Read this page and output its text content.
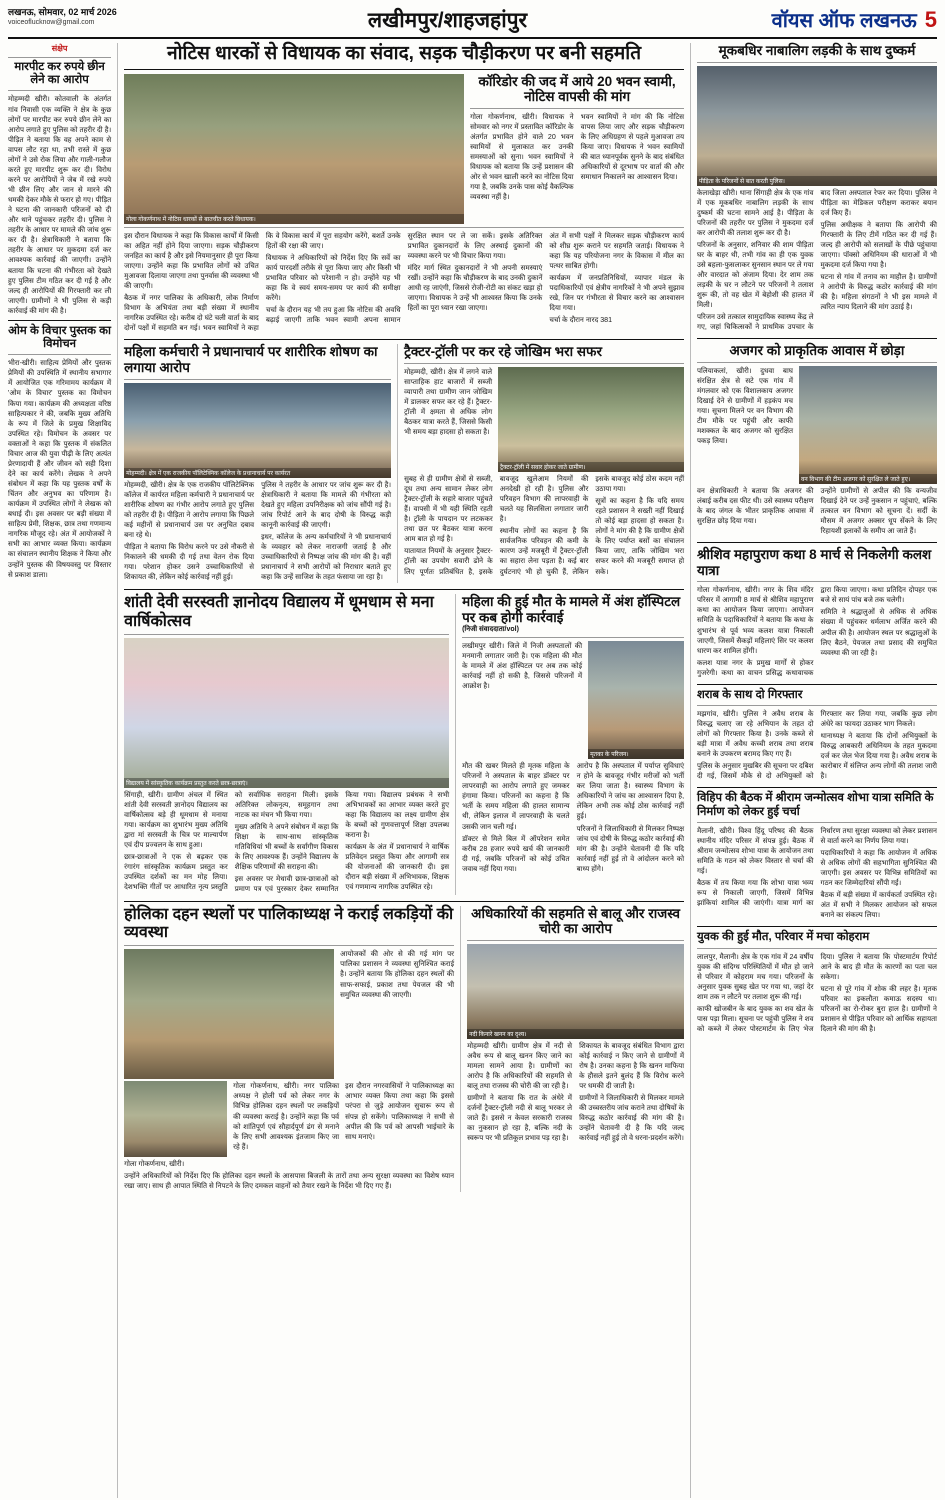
लखनऊ, सोमवार, 02 मार्च 2026
voiceoflucknow@gmail.com	लखीमपुर/शाहजहांपुर	वॉयस ऑफ लखनऊ 5
संक्षेप
मारपीट कर रुपये छीन लेने का आरोप
मोहम्मदी खीरी। कोतवाली के अंतर्गत गांव निवासी एक व्यक्ति ने क्षेत्र के कुछ लोगों पर मारपीट कर रुपये छीन लेने का आरोप लगाते हुए पुलिस को तहरीर दी है। पीड़ित ने बताया कि वह अपने काम से वापस लौट रहा था, तभी रास्ते में कुछ लोगों ने उसे रोक लिया और गाली-गलौज करते हुए मारपीट शुरू कर दी। विरोध करने पर आरोपियों ने जेब में रखे रुपये भी छीन लिए और जान से मारने की धमकी देकर मौके से फरार हो गए। पीड़ित ने घटना की जानकारी परिजनों को दी और थाने पहुंचकर तहरीर दी। पुलिस ने तहरीर के आधार पर मामले की जांच शुरू कर दी है। क्षेत्राधिकारी ने बताया कि तहरीर के आधार पर मुकदमा दर्ज कर आवश्यक कार्रवाई की जाएगी। उन्होंने बताया कि घटना की गंभीरता को देखते हुए पुलिस टीम गठित कर दी गई है और जल्द ही आरोपियों की गिरफ्तारी कर ली जाएगी। ग्रामीणों ने भी पुलिस से कड़ी कार्रवाई की मांग की है।
ओम के विचार पुस्तक का विमोचन
भीरा-खीरी। साहित्य प्रेमियों और पुस्तक प्रेमियों की उपस्थिति में स्थानीय सभागार में आयोजित एक गरिमामय कार्यक्रम में 'ओम के विचार' पुस्तक का विमोचन किया गया। कार्यक्रम की अध्यक्षता वरिष्ठ साहित्यकार ने की, जबकि मुख्य अतिथि के रूप में जिले के प्रमुख शिक्षाविद उपस्थित रहे। विमोचन के अवसर पर वक्ताओं ने कहा कि पुस्तक में संकलित विचार आज की युवा पीढ़ी के लिए अत्यंत प्रेरणादायी हैं और जीवन को सही दिशा देने का कार्य करेंगे। लेखक ने अपने संबोधन में कहा कि यह पुस्तक वर्षों के चिंतन और अनुभव का परिणाम है। कार्यक्रम में उपस्थित लोगों ने लेखक को बधाई दी। इस अवसर पर बड़ी संख्या में साहित्य प्रेमी, शिक्षक, छात्र तथा गणमान्य नागरिक मौजूद रहे। अंत में आयोजकों ने सभी का आभार व्यक्त किया। कार्यक्रम का संचालन स्थानीय शिक्षक ने किया और उन्होंने पुस्तक की विषयवस्तु पर विस्तार से प्रकाश डाला।
नोटिस धारकों से विधायक का संवाद, सड़क चौड़ीकरण पर बनी सहमति
गोला गोकर्णनाथ में नोटिस धारकों से बातचीत करते विधायक।
कॉरिडोर की जद में आये 20 भवन स्वामी, नोटिस वापसी की मांग
गोला गोकर्णनाथ, खीरी। विधायक ने सोमवार को नगर में प्रस्तावित कॉरिडोर के अंतर्गत प्रभावित होने वाले 20 भवन स्वामियों से मुलाकात कर उनकी समस्याओं को सुना। भवन स्वामियों ने विधायक को बताया कि उन्हें प्रशासन की ओर से भवन खाली करने का नोटिस दिया गया है, जबकि उनके पास कोई वैकल्पिक व्यवस्था नहीं है।
भवन स्वामियों ने मांग की कि नोटिस वापस लिया जाए और सड़क चौड़ीकरण के लिए अधिग्रहण से पहले मुआवजा तय किया जाए। विधायक ने भवन स्वामियों की बात ध्यानपूर्वक सुनने के बाद संबंधित अधिकारियों से दूरभाष पर वार्ता की और समाधान निकालने का आश्वासन दिया।
इस दौरान विधायक ने कहा कि विकास कार्यों में किसी का अहित नहीं होने दिया जाएगा। सड़क चौड़ीकरण जनहित का कार्य है और इसे नियमानुसार ही पूरा किया जाएगा। उन्होंने कहा कि प्रभावित लोगों को उचित मुआवजा दिलाया जाएगा तथा पुनर्वास की व्यवस्था भी की जाएगी।
बैठक में नगर पालिका के अधिकारी, लोक निर्माण विभाग के अभियंता तथा बड़ी संख्या में स्थानीय नागरिक उपस्थित रहे। करीब दो घंटे चली वार्ता के बाद दोनों पक्षों में सहमति बन गई। भवन स्वामियों ने कहा कि वे विकास कार्य में पूरा सहयोग करेंगे, बशर्ते उनके हितों की रक्षा की जाए।
विधायक ने अधिकारियों को निर्देश दिए कि सर्वे का कार्य पारदर्शी तरीके से पूरा किया जाए और किसी भी प्रभावित परिवार को परेशानी न हो। उन्होंने यह भी कहा कि वे स्वयं समय-समय पर कार्य की समीक्षा करेंगे।
चर्चा के दौरान यह भी तय हुआ कि नोटिस की अवधि बढ़ाई जाएगी ताकि भवन स्वामी अपना सामान सुरक्षित स्थान पर ले जा सकें। इसके अतिरिक्त प्रभावित दुकानदारों के लिए अस्थाई दुकानों की व्यवस्था करने पर भी विचार किया गया।
मंदिर मार्ग स्थित दुकानदारों ने भी अपनी समस्याएं रखीं। उन्होंने कहा कि चौड़ीकरण के बाद उनकी दुकानें आधी रह जाएंगी, जिससे रोजी-रोटी का संकट खड़ा हो जाएगा। विधायक ने उन्हें भी आश्वस्त किया कि उनके हितों का पूरा ध्यान रखा जाएगा।
अंत में सभी पक्षों ने मिलकर सड़क चौड़ीकरण कार्य को शीघ्र शुरू कराने पर सहमति जताई। विधायक ने कहा कि यह परियोजना नगर के विकास में मील का पत्थर साबित होगी।
कार्यक्रम में जनप्रतिनिधियों, व्यापार मंडल के पदाधिकारियों एवं क्षेत्रीय नागरिकों ने भी अपने सुझाव रखे, जिन पर गंभीरता से विचार करने का आश्वासन दिया गया।
चर्चा के दौरान नारद 381
महिला कर्मचारी ने प्रधानाचार्य पर शारीरिक शोषण का लगाया आरोप
मोहम्मदी। क्षेत्र में एक राजकीय पॉलिटेक्निक कॉलेज के प्रधानाचार्य पर कार्यरत
मोहम्मदी, खीरी। क्षेत्र के एक राजकीय पॉलिटेक्निक कॉलेज में कार्यरत महिला कर्मचारी ने प्रधानाचार्य पर शारीरिक शोषण का गंभीर आरोप लगाते हुए पुलिस को तहरीर दी है। पीड़िता ने आरोप लगाया कि पिछले कई महीनों से प्रधानाचार्य उस पर अनुचित दबाव बना रहे थे।
पीड़िता ने बताया कि विरोध करने पर उसे नौकरी से निकालने की धमकी दी गई तथा वेतन रोक दिया गया। परेशान होकर उसने उच्चाधिकारियों से शिकायत की, लेकिन कोई कार्रवाई नहीं हुई।
पुलिस ने तहरीर के आधार पर जांच शुरू कर दी है। क्षेत्राधिकारी ने बताया कि मामले की गंभीरता को देखते हुए महिला उपनिरीक्षक को जांच सौंपी गई है। जांच रिपोर्ट आने के बाद दोषी के विरुद्ध कड़ी कानूनी कार्रवाई की जाएगी।
इधर, कॉलेज के अन्य कर्मचारियों ने भी प्रधानाचार्य के व्यवहार को लेकर नाराजगी जताई है और उच्चाधिकारियों से निष्पक्ष जांच की मांग की है। वहीं प्रधानाचार्य ने सभी आरोपों को निराधार बताते हुए कहा कि उन्हें साजिश के तहत फंसाया जा रहा है।
ट्रैक्टर-ट्रॉली पर कर रहे जोखिम भरा सफर
मोहम्मदी, खीरी। क्षेत्र में लगने वाले साप्ताहिक हाट बाजारों में सब्जी व्यापारी तथा ग्रामीण जान जोखिम में डालकर सफर कर रहे हैं। ट्रैक्टर-ट्रॉली में क्षमता से अधिक लोग बैठकर यात्रा करते हैं, जिससे किसी भी समय बड़ा हादसा हो सकता है।
ट्रैक्टर-ट्रॉली में सवार होकर जाते ग्रामीण।
सुबह से ही ग्रामीण क्षेत्रों से सब्जी, दूध तथा अन्य सामान लेकर लोग ट्रैक्टर-ट्रॉली के सहारे बाजार पहुंचते हैं। वापसी में भी यही स्थिति रहती है। ट्रॉली के पायदान पर लटककर तथा छत पर बैठकर यात्रा करना आम बात हो गई है।
यातायात नियमों के अनुसार ट्रैक्टर-ट्रॉली का उपयोग सवारी ढोने के लिए पूर्णतः प्रतिबंधित है, इसके बावजूद खुलेआम नियमों की अनदेखी हो रही है। पुलिस और परिवहन विभाग की लापरवाही के चलते यह सिलसिला लगातार जारी है।
स्थानीय लोगों का कहना है कि सार्वजनिक परिवहन की कमी के कारण उन्हें मजबूरी में ट्रैक्टर-ट्रॉली का सहारा लेना पड़ता है। कई बार दुर्घटनाएं भी हो चुकी हैं, लेकिन इसके बावजूद कोई ठोस कदम नहीं उठाया गया।
सूत्रों का कहना है कि यदि समय रहते प्रशासन ने सख्ती नहीं दिखाई तो कोई बड़ा हादसा हो सकता है। लोगों ने मांग की है कि ग्रामीण क्षेत्रों के लिए पर्याप्त बसों का संचालन किया जाए, ताकि जोखिम भरा सफर करने की मजबूरी समाप्त हो सके।
शांती देवी सरस्वती ज्ञानोदय विद्यालय में धूमधाम से मना वार्षिकोत्सव
विद्यालय में सांस्कृतिक कार्यक्रम प्रस्तुत करते छात्र-छात्राएं।
सिंगाही, खीरी। ग्रामीण अंचल में स्थित शांती देवी सरस्वती ज्ञानोदय विद्यालय का वार्षिकोत्सव बड़े ही धूमधाम से मनाया गया। कार्यक्रम का शुभारंभ मुख्य अतिथि द्वारा मां सरस्वती के चित्र पर माल्यार्पण एवं दीप प्रज्वलन के साथ हुआ।
छात्र-छात्राओं ने एक से बढ़कर एक रंगारंग सांस्कृतिक कार्यक्रम प्रस्तुत कर उपस्थित दर्शकों का मन मोह लिया। देशभक्ति गीतों पर आधारित नृत्य प्रस्तुति को सर्वाधिक सराहना मिली। इसके अतिरिक्त लोकनृत्य, समूहगान तथा नाटक का मंचन भी किया गया।
मुख्य अतिथि ने अपने संबोधन में कहा कि शिक्षा के साथ-साथ सांस्कृतिक गतिविधियां भी बच्चों के सर्वांगीण विकास के लिए आवश्यक हैं। उन्होंने विद्यालय के शैक्षिक परिणामों की सराहना की।
इस अवसर पर मेधावी छात्र-छात्राओं को प्रमाण पत्र एवं पुरस्कार देकर सम्मानित किया गया। विद्यालय प्रबंधक ने सभी अभिभावकों का आभार व्यक्त करते हुए कहा कि विद्यालय का लक्ष्य ग्रामीण क्षेत्र के बच्चों को गुणवत्तापूर्ण शिक्षा उपलब्ध कराना है।
कार्यक्रम के अंत में प्रधानाचार्य ने वार्षिक प्रतिवेदन प्रस्तुत किया और आगामी सत्र की योजनाओं की जानकारी दी। इस दौरान बड़ी संख्या में अभिभावक, शिक्षक एवं गणमान्य नागरिक उपस्थित रहे।
महिला की हुई मौत के मामले में अंश हॉस्पिटल पर कब होगी कार्रवाई
(निजी संवाददाता/vol)
लखीमपुर खीरी। जिले में निजी अस्पतालों की मनमानी लगातार जारी है। एक महिला की मौत के मामले में अंश हॉस्पिटल पर अब तक कोई कार्रवाई नहीं हो सकी है, जिससे परिजनों में आक्रोश है।
मृतका के परिजन।
मौत की खबर मिलते ही मृतक महिला के परिजनों ने अस्पताल के बाहर डॉक्टर पर लापरवाही का आरोप लगाते हुए जमकर हंगामा किया। परिजनों का कहना है कि भर्ती के समय महिला की हालत सामान्य थी, लेकिन इलाज में लापरवाही के चलते उसकी जान चली गई।
डॉक्टर से मिले बिल में ऑपरेशन समेत करीब 28 हजार रुपये खर्च की जानकारी दी गई, जबकि परिजनों को कोई उचित जवाब नहीं दिया गया।
आरोप है कि अस्पताल में पर्याप्त सुविधाएं न होने के बावजूद गंभीर मरीजों को भर्ती कर लिया जाता है। स्वास्थ्य विभाग के अधिकारियों ने जांच का आश्वासन दिया है, लेकिन अभी तक कोई ठोस कार्रवाई नहीं हुई।
परिजनों ने जिलाधिकारी से मिलकर निष्पक्ष जांच एवं दोषी के विरुद्ध कठोर कार्रवाई की मांग की है। उन्होंने चेतावनी दी कि यदि कार्रवाई नहीं हुई तो वे आंदोलन करने को बाध्य होंगे।
होलिका दहन स्थलों पर पालिकाध्यक्ष ने कराई लकड़ियों की व्यवस्था
आयोजकों की ओर से की गई मांग पर पालिका प्रशासन ने व्यवस्था सुनिश्चित कराई है। उन्होंने बताया कि होलिका दहन स्थलों की साफ-सफाई, प्रकाश तथा पेयजल की भी समुचित व्यवस्था की जाएगी।
गोला गोकर्णनाथ, खीरी।
गोला गोकर्णनाथ, खीरी। नगर पालिका अध्यक्ष ने होली पर्व को लेकर नगर के विभिन्न होलिका दहन स्थलों पर लकड़ियों की व्यवस्था कराई है। उन्होंने कहा कि पर्व को शांतिपूर्ण एवं सौहार्दपूर्ण ढंग से मनाने के लिए सभी आवश्यक इंतजाम किए जा रहे हैं।
इस दौरान नगरवासियों ने पालिकाध्यक्ष का आभार व्यक्त किया तथा कहा कि इससे परंपरा से जुड़े आयोजन सुचारू रूप से संपन्न हो सकेंगे। पालिकाध्यक्ष ने सभी से अपील की कि पर्व को आपसी भाईचारे के साथ मनाएं।
उन्होंने अधिकारियों को निर्देश दिए कि होलिका दहन स्थलों के आसपास बिजली के तारों तथा अन्य सुरक्षा व्यवस्था का विशेष ध्यान रखा जाए। साथ ही आपात स्थिति से निपटने के लिए दमकल वाहनों को तैयार रखने के निर्देश भी दिए गए हैं।
अधिकारियों की सहमति से बालू और राजस्व चोरी का आरोप
नदी किनारे खनन का दृश्य।
मोहम्मदी खीरी। ग्रामीण क्षेत्र में नदी से अवैध रूप से बालू खनन किए जाने का मामला सामने आया है। ग्रामीणों का आरोप है कि अधिकारियों की सहमति से बालू तथा राजस्व की चोरी की जा रही है।
ग्रामीणों ने बताया कि रात के अंधेरे में दर्जनों ट्रैक्टर-ट्रॉली नदी से बालू भरकर ले जाते हैं। इससे न केवल सरकारी राजस्व का नुकसान हो रहा है, बल्कि नदी के स्वरूप पर भी प्रतिकूल प्रभाव पड़ रहा है।
शिकायत के बावजूद संबंधित विभाग द्वारा कोई कार्रवाई न किए जाने से ग्रामीणों में रोष है। उनका कहना है कि खनन माफिया के हौसले इतने बुलंद हैं कि विरोध करने पर धमकी दी जाती है।
ग्रामीणों ने जिलाधिकारी से मिलकर मामले की उच्चस्तरीय जांच कराने तथा दोषियों के विरुद्ध कठोर कार्रवाई की मांग की है। उन्होंने चेतावनी दी है कि यदि जल्द कार्रवाई नहीं हुई तो वे धरना-प्रदर्शन करेंगे।
मूकबधिर नाबालिग लड़की के साथ दुष्कर्म
पीड़िता के परिजनों से बात करती पुलिस।
केलाखेड़ा खीरी। थाना सिंगाही क्षेत्र के एक गांव में एक मूकबधिर नाबालिग लड़की के साथ दुष्कर्म की घटना सामने आई है। पीड़िता के परिजनों की तहरीर पर पुलिस ने मुकदमा दर्ज कर आरोपी की तलाश शुरू कर दी है।
परिजनों के अनुसार, शनिवार की शाम पीड़िता घर के बाहर थी, तभी गांव का ही एक युवक उसे बहला-फुसलाकर सुनसान स्थान पर ले गया और वारदात को अंजाम दिया। देर शाम तक लड़की के घर न लौटने पर परिजनों ने तलाश शुरू की, तो वह खेत में बेहोशी की हालत में मिली।
परिजन उसे तत्काल सामुदायिक स्वास्थ्य केंद्र ले गए, जहां चिकित्सकों ने प्राथमिक उपचार के बाद जिला अस्पताल रेफर कर दिया। पुलिस ने पीड़िता का मेडिकल परीक्षण कराकर बयान दर्ज किए हैं।
पुलिस अधीक्षक ने बताया कि आरोपी की गिरफ्तारी के लिए टीमें गठित कर दी गई हैं। जल्द ही आरोपी को सलाखों के पीछे पहुंचाया जाएगा। पॉक्सो अधिनियम की धाराओं में भी मुकदमा दर्ज किया गया है।
घटना से गांव में तनाव का माहौल है। ग्रामीणों ने आरोपी के विरुद्ध कठोर कार्रवाई की मांग की है। महिला संगठनों ने भी इस मामले में त्वरित न्याय दिलाने की मांग उठाई है।
अजगर को प्राकृतिक आवास में छोड़ा
पलियाकलां, खीरी। दुधवा बाघ संरक्षित क्षेत्र से सटे एक गांव में मंगलवार को एक विशालकाय अजगर दिखाई देने से ग्रामीणों में हड़कंप मच गया। सूचना मिलने पर वन विभाग की टीम मौके पर पहुंची और काफी मशक्कत के बाद अजगर को सुरक्षित पकड़ लिया।
वन विभाग की टीम अजगर को सुरक्षित ले जाते हुए।
वन क्षेत्राधिकारी ने बताया कि अजगर की लंबाई करीब दस फीट थी। उसे स्वास्थ्य परीक्षण के बाद जंगल के भीतर प्राकृतिक आवास में सुरक्षित छोड़ दिया गया।
उन्होंने ग्रामीणों से अपील की कि वन्यजीव दिखाई देने पर उन्हें नुकसान न पहुंचाएं, बल्कि तत्काल वन विभाग को सूचना दें। सर्दी के मौसम में अजगर अक्सर धूप सेंकने के लिए रिहायशी इलाकों के समीप आ जाते हैं।
श्रीशिव महापुराण कथा 8 मार्च से निकलेगी कलश यात्रा
गोला गोकर्णनाथ, खीरी। नगर के शिव मंदिर परिसर में आगामी 8 मार्च से श्रीशिव महापुराण कथा का आयोजन किया जाएगा। आयोजन समिति के पदाधिकारियों ने बताया कि कथा के शुभारंभ से पूर्व भव्य कलश यात्रा निकाली जाएगी, जिसमें सैकड़ों महिलाएं सिर पर कलश धारण कर शामिल होंगी।
कलश यात्रा नगर के प्रमुख मार्गों से होकर गुजरेगी। कथा का वाचन प्रसिद्ध कथावाचक द्वारा किया जाएगा। कथा प्रतिदिन दोपहर एक बजे से सायं पांच बजे तक चलेगी।
समिति ने श्रद्धालुओं से अधिक से अधिक संख्या में पहुंचकर धर्मलाभ अर्जित करने की अपील की है। आयोजन स्थल पर श्रद्धालुओं के लिए बैठने, पेयजल तथा प्रसाद की समुचित व्यवस्था की जा रही है।
शराब के साथ दो गिरफ्तार
मझगांव, खीरी। पुलिस ने अवैध शराब के विरुद्ध चलाए जा रहे अभियान के तहत दो लोगों को गिरफ्तार किया है। उनके कब्जे से बड़ी मात्रा में अवैध कच्ची शराब तथा शराब बनाने के उपकरण बरामद किए गए हैं।
पुलिस के अनुसार मुखबिर की सूचना पर दबिश दी गई, जिसमें मौके से दो अभियुक्तों को गिरफ्तार कर लिया गया, जबकि कुछ लोग अंधेरे का फायदा उठाकर भाग निकले।
थानाध्यक्ष ने बताया कि दोनों अभियुक्तों के विरुद्ध आबकारी अधिनियम के तहत मुकदमा दर्ज कर जेल भेज दिया गया है। अवैध शराब के कारोबार में संलिप्त अन्य लोगों की तलाश जारी है।
विहिप की बैठक में श्रीराम जन्मोत्सव शोभा यात्रा समिति के निर्माण को लेकर हुई चर्चा
मैलानी, खीरी। विश्व हिंदू परिषद की बैठक स्थानीय मंदिर परिसर में संपन्न हुई। बैठक में श्रीराम जन्मोत्सव शोभा यात्रा के आयोजन तथा समिति के गठन को लेकर विस्तार से चर्चा की गई।
बैठक में तय किया गया कि शोभा यात्रा भव्य रूप से निकाली जाएगी, जिसमें विभिन्न झांकियां शामिल की जाएंगी। यात्रा मार्ग का निर्धारण तथा सुरक्षा व्यवस्था को लेकर प्रशासन से वार्ता करने का निर्णय लिया गया।
पदाधिकारियों ने कहा कि आयोजन में अधिक से अधिक लोगों की सहभागिता सुनिश्चित की जाएगी। इस अवसर पर विभिन्न समितियों का गठन कर जिम्मेदारियां सौंपी गईं।
बैठक में बड़ी संख्या में कार्यकर्ता उपस्थित रहे। अंत में सभी ने मिलकर आयोजन को सफल बनाने का संकल्प लिया।
युवक की हुई मौत, परिवार में मचा कोहराम
लालपुर, मैलानी। क्षेत्र के एक गांव में 24 वर्षीय युवक की संदिग्ध परिस्थितियों में मौत हो जाने से परिवार में कोहराम मच गया। परिजनों के अनुसार युवक सुबह खेत पर गया था, जहां देर शाम तक न लौटने पर तलाश शुरू की गई।
काफी खोजबीन के बाद युवक का शव खेत के पास पड़ा मिला। सूचना पर पहुंची पुलिस ने शव को कब्जे में लेकर पोस्टमार्टम के लिए भेज दिया। पुलिस ने बताया कि पोस्टमार्टम रिपोर्ट आने के बाद ही मौत के कारणों का पता चल सकेगा।
घटना से पूरे गांव में शोक की लहर है। मृतक परिवार का इकलौता कमाऊ सदस्य था। परिजनों का रो-रोकर बुरा हाल है। ग्रामीणों ने प्रशासन से पीड़ित परिवार को आर्थिक सहायता दिलाने की मांग की है।
